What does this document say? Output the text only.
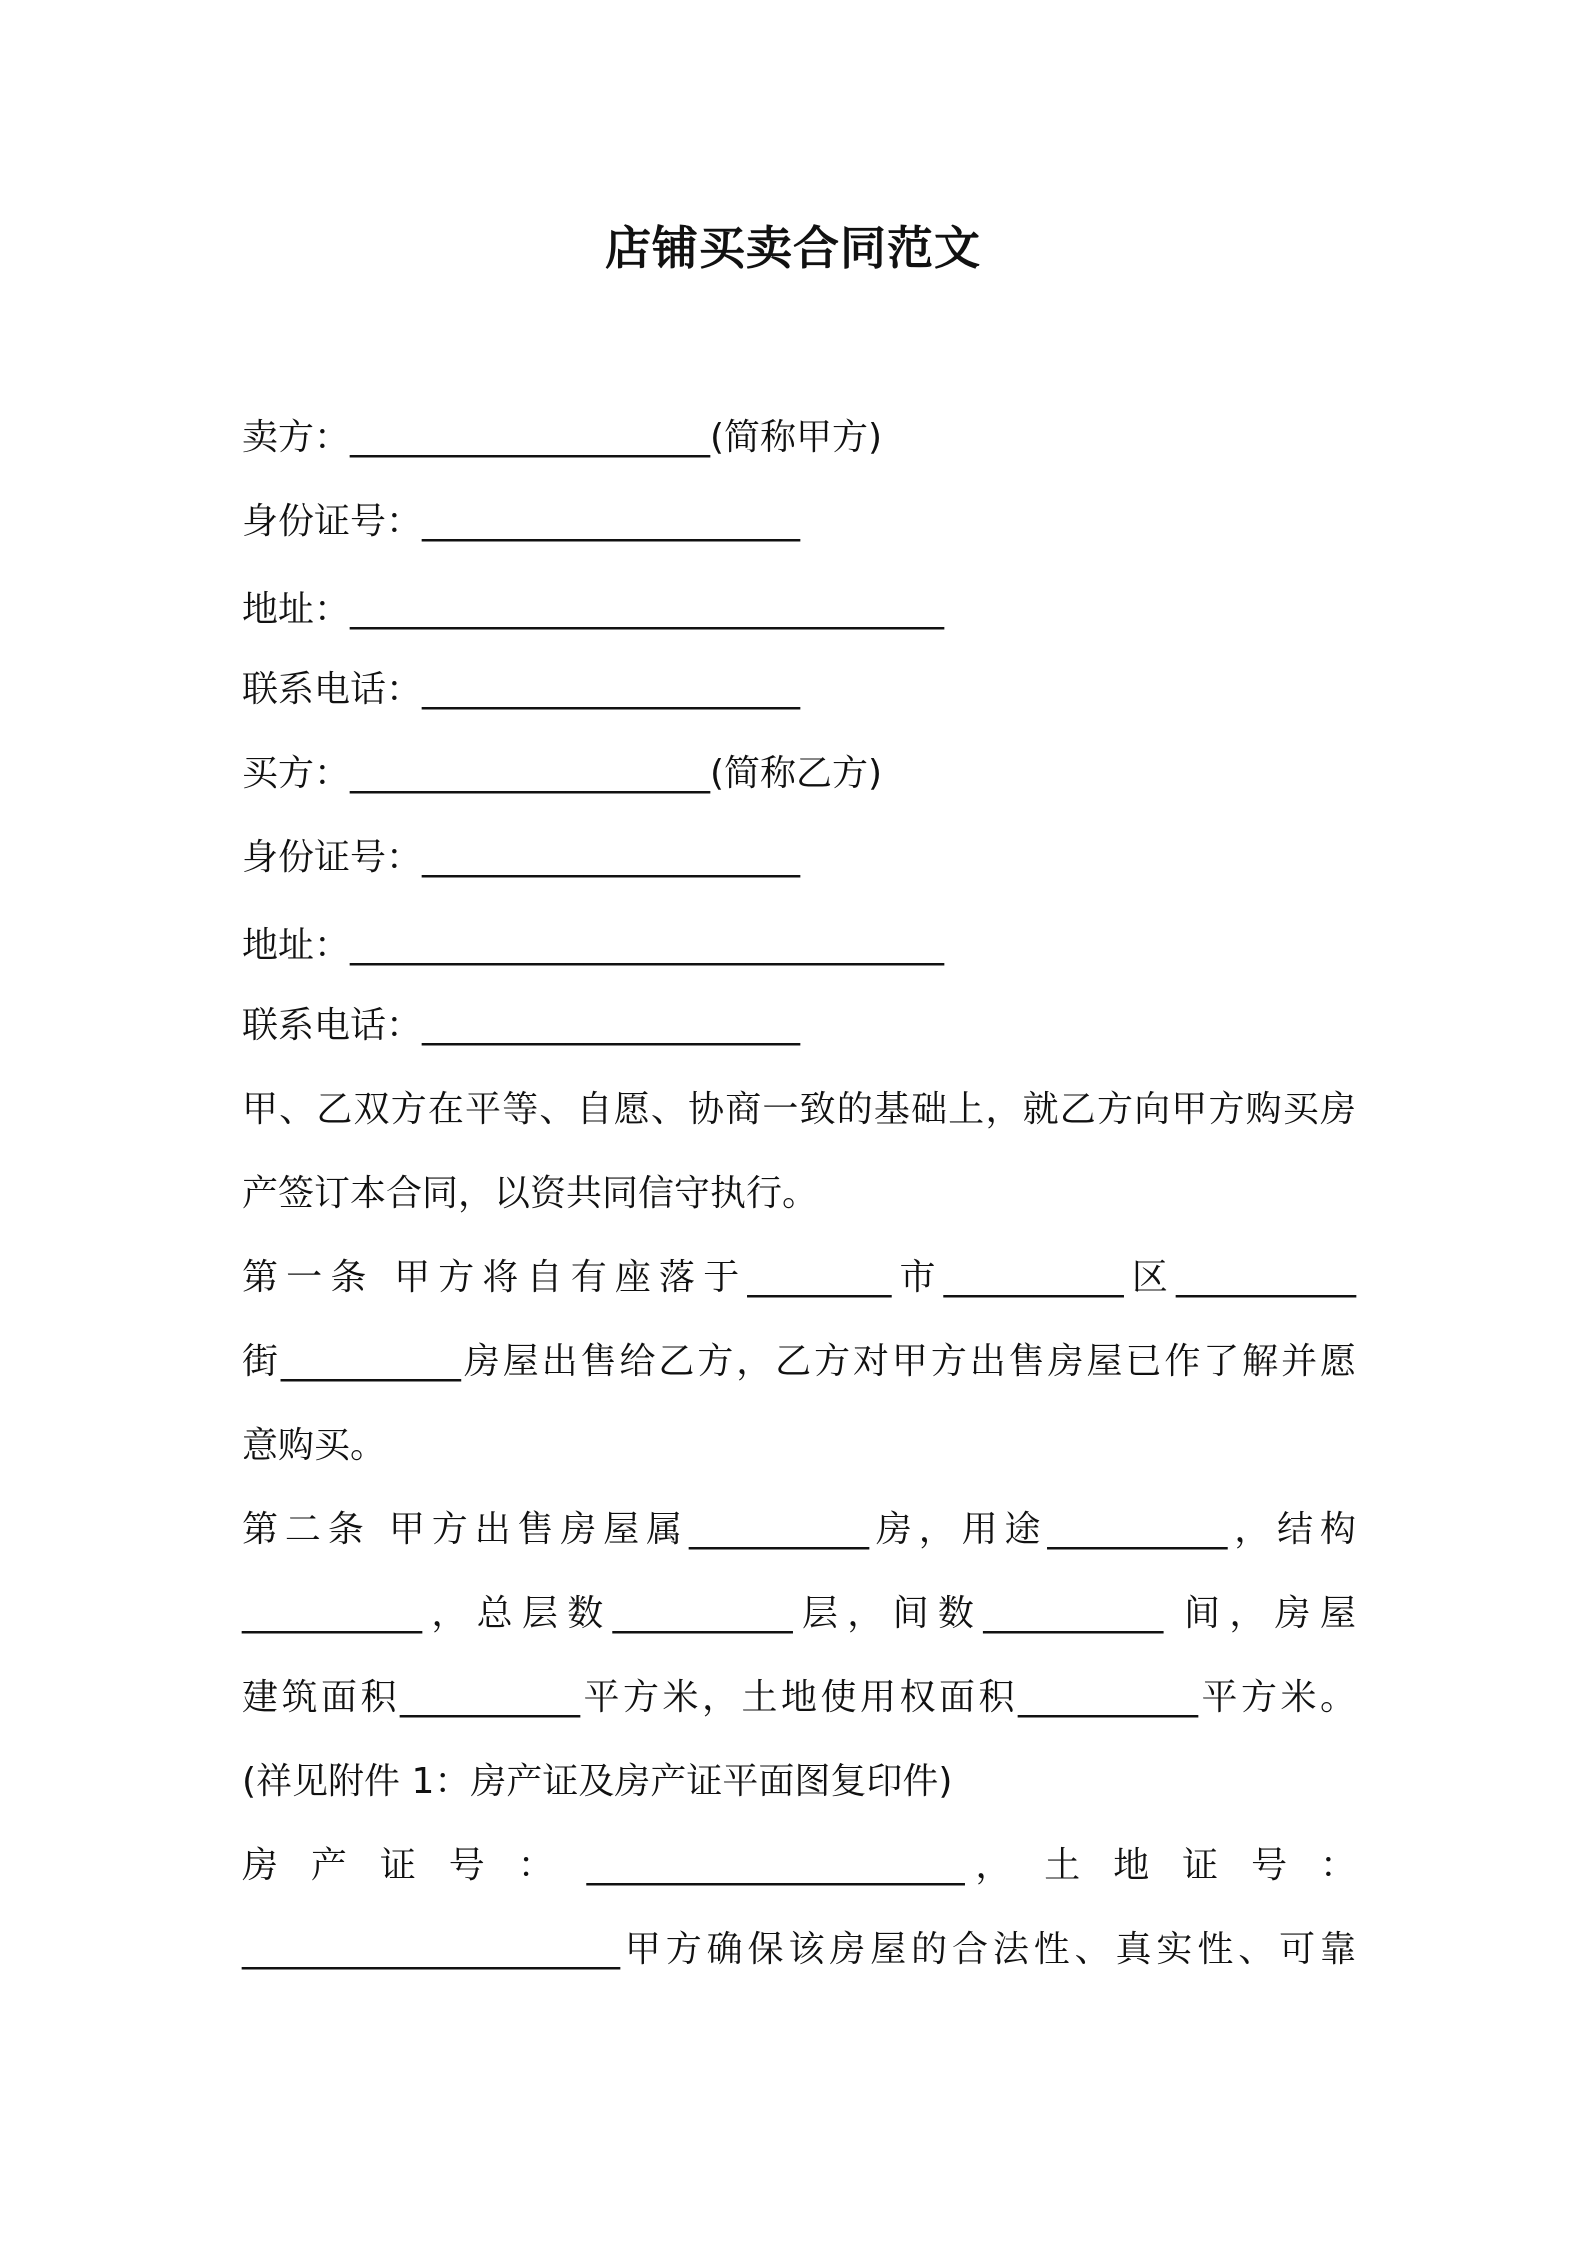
店铺买卖合同范文
卖方：____________________(简称甲方)
身份证号：_____________________
地址：_________________________________
联系电话：_____________________
买方：____________________(简称乙方)
身份证号：_____________________
地址：_________________________________
联系电话：_____________________
甲、乙双方在平等、自愿、协商一致的基础上，就乙方向甲方购买房
产签订本合同，以资共同信守执行。
第一条 甲方将自有座落于________市__________区__________
街__________房屋出售给乙方，乙方对甲方出售房屋已作了解并愿
意购买。
第二条 甲方出售房屋属__________房，用途__________，结构
__________，总层数__________层，间数__________ 间，房屋
建筑面积__________平方米，土地使用权面积__________平方米。
(祥见附件 1：房产证及房产证平面图复印件)
房 产 证 号 ： _____________________， 土 地 证 号 ：
_____________________甲方确保该房屋的合法性、真实性、可靠
